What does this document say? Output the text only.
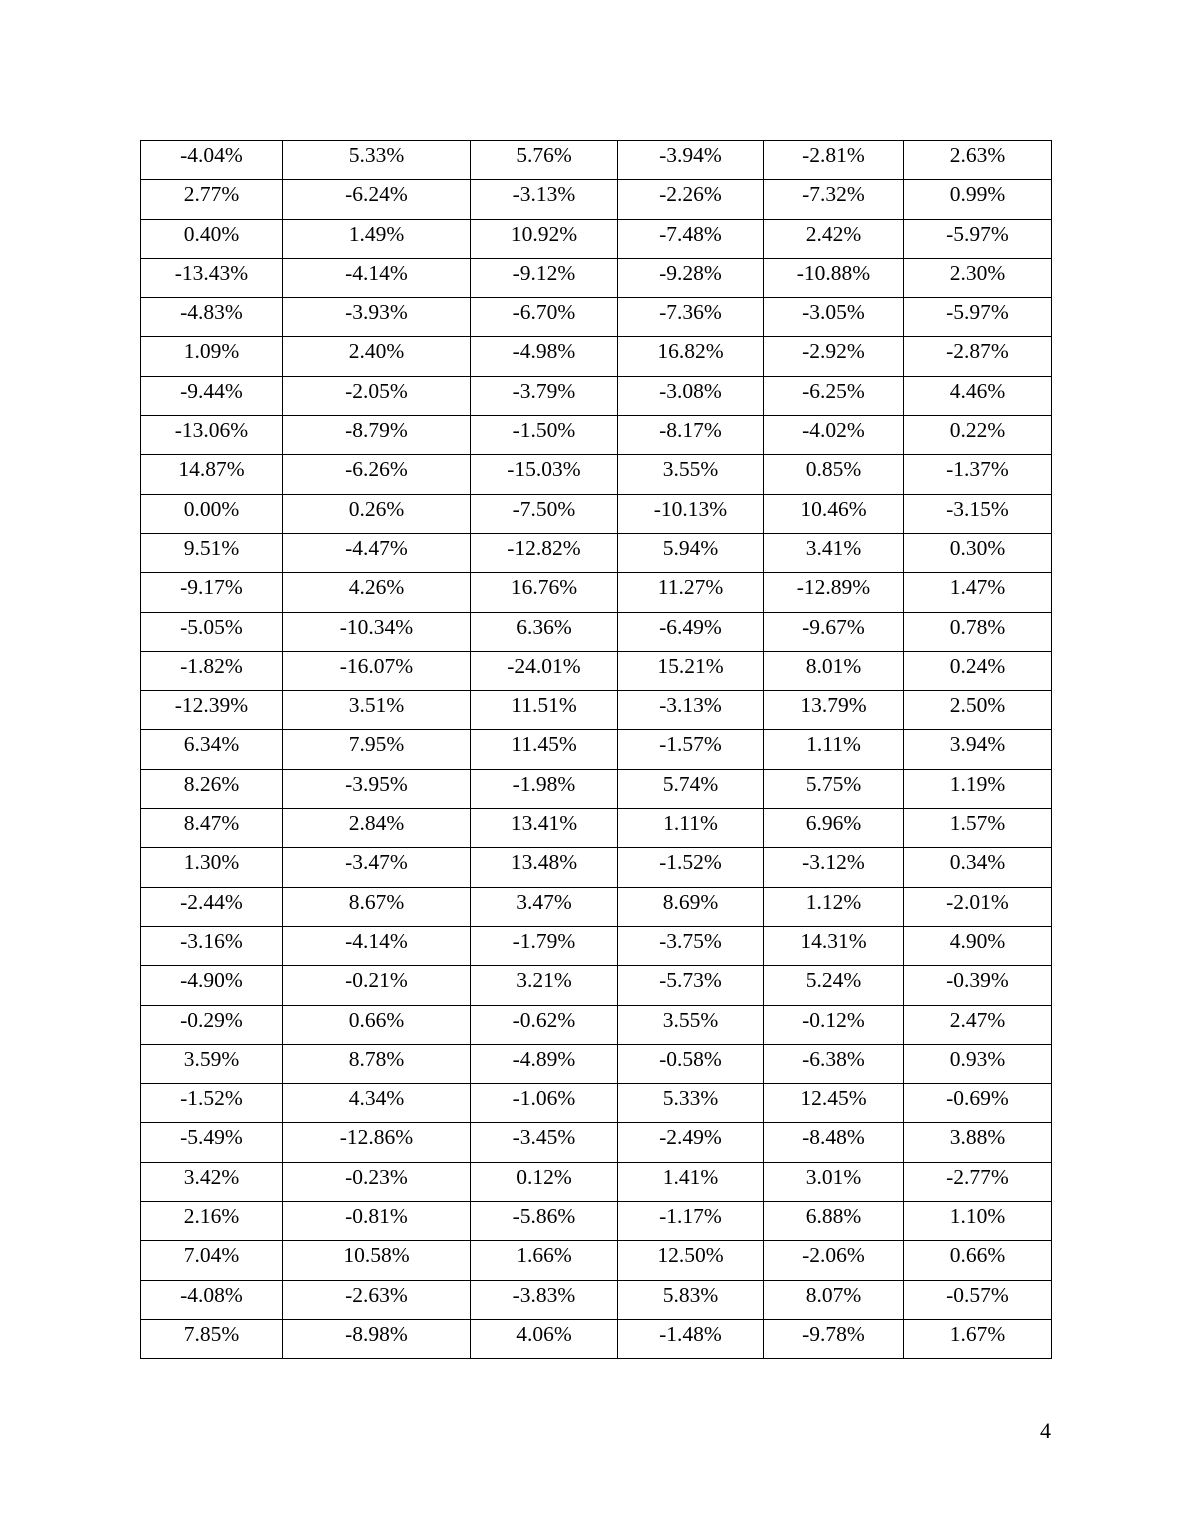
-4.04%	5.33%	5.76%	-3.94%	-2.81%	2.63%

2.77%	-6.24%	-3.13%	-2.26%	-7.32%	0.99%

0.40%	1.49%	10.92%	-7.48%	2.42%	-5.97%

-13.43%	-4.14%	-9.12%	-9.28%	-10.88%	2.30%

-4.83%	-3.93%	-6.70%	-7.36%	-3.05%	-5.97%

1.09%	2.40%	-4.98%	16.82%	-2.92%	-2.87%

-9.44%	-2.05%	-3.79%	-3.08%	-6.25%	4.46%

-13.06%	-8.79%	-1.50%	-8.17%	-4.02%	0.22%

14.87%	-6.26%	-15.03%	3.55%	0.85%	-1.37%

0.00%	0.26%	-7.50%	-10.13%	10.46%	-3.15%

9.51%	-4.47%	-12.82%	5.94%	3.41%	0.30%

-9.17%	4.26%	16.76%	11.27%	-12.89%	1.47%

-5.05%	-10.34%	6.36%	-6.49%	-9.67%	0.78%

-1.82%	-16.07%	-24.01%	15.21%	8.01%	0.24%

-12.39%	3.51%	11.51%	-3.13%	13.79%	2.50%

6.34%	7.95%	11.45%	-1.57%	1.11%	3.94%

8.26%	-3.95%	-1.98%	5.74%	5.75%	1.19%

8.47%	2.84%	13.41%	1.11%	6.96%	1.57%

1.30%	-3.47%	13.48%	-1.52%	-3.12%	0.34%

-2.44%	8.67%	3.47%	8.69%	1.12%	-2.01%

-3.16%	-4.14%	-1.79%	-3.75%	14.31%	4.90%

-4.90%	-0.21%	3.21%	-5.73%	5.24%	-0.39%

-0.29%	0.66%	-0.62%	3.55%	-0.12%	2.47%

3.59%	8.78%	-4.89%	-0.58%	-6.38%	0.93%

-1.52%	4.34%	-1.06%	5.33%	12.45%	-0.69%

-5.49%	-12.86%	-3.45%	-2.49%	-8.48%	3.88%

3.42%	-0.23%	0.12%	1.41%	3.01%	-2.77%

2.16%	-0.81%	-5.86%	-1.17%	6.88%	1.10%

7.04%	10.58%	1.66%	12.50%	-2.06%	0.66%

-4.08%	-2.63%	-3.83%	5.83%	8.07%	-0.57%

7.85%	-8.98%	4.06%	-1.48%	-9.78%	1.67%
4
